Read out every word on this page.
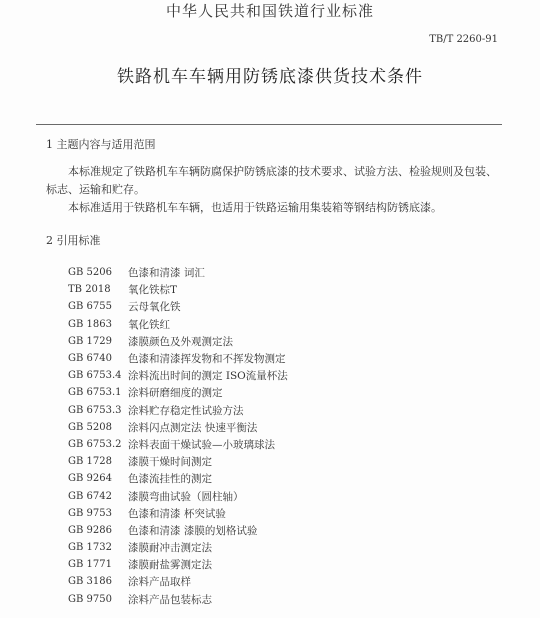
中华人民共和国铁道行业标准
TB/T 2260-91
铁路机车车辆用防锈底漆供货技术条件
1 主题内容与适用范围
本标准规定了铁路机车车辆防腐保护防锈底漆的技术要求、试验方法、检验规则及包装、标志、运输和贮存。
本标准适用于铁路机车车辆，也适用于铁路运输用集装箱等钢结构防锈底漆。
2 引用标准
GB 5206	色漆和清漆 词汇
TB 2018	氧化铁棕T
GB 6755	云母氧化铁
GB 1863	氧化铁红
GB 1729	漆膜颜色及外观测定法
GB 6740	色漆和清漆挥发物和不挥发物测定
GB 6753.4 涂料流出时间的测定 ISO流量杯法
GB 6753.1 涂料研磨细度的测定
GB 6753.3 涂料贮存稳定性试验方法
GB 5208	涂料闪点测定法 快速平衡法
GB 6753.2 涂料表面干燥试验—小玻璃球法
GB 1728	漆膜干燥时间测定
GB 9264	色漆流挂性的测定
GB 6742	漆膜弯曲试验（圆柱轴）
GB 9753	色漆和清漆 杯突试验
GB 9286	色漆和清漆 漆膜的划格试验
GB 1732	漆膜耐冲击测定法
GB 1771	漆膜耐盐雾测定法
GB 3186	涂料产品取样
GB 9750	涂料产品包装标志
